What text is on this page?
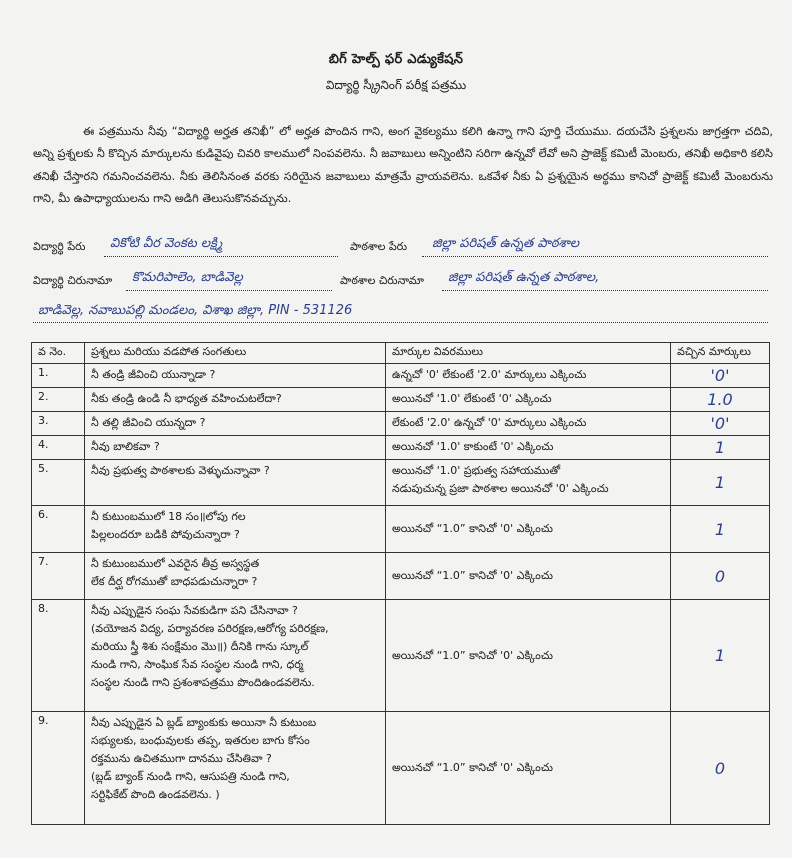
బిగ్ హెల్ప్ ఫర్ ఎడ్యుకేషన్
విద్యార్థి స్క్రీనింగ్ పరీక్ష పత్రము
ఈ పత్రమును నీవు “విద్యార్థి అర్హత తనిఖీ” లో అర్హత పొందిన గాని, అంగ వైకల్యము కలిగి ఉన్నా గాని పూర్తి చేయుము. దయచేసి ప్రశ్నలను జాగ్రత్తగా చదివి, అన్ని ప్రశ్నలకు నీ కొచ్చిన మార్కులను కుడివైపు చివరి కాలములో నింపవలెను. నీ జవాబులు అన్నింటిని సరిగా ఉన్నవో లేవో అని ప్రాజెక్ట్ కమిటీ మెంబరు, తనిఖీ అధికారి కలిసి తనిఖీ చేస్తారని గమనించవలెను. నీకు తెలిసినంత వరకు సరియైన జవాబులు మాత్రమే వ్రాయవలెను. ఒకవేళ నీకు ఏ ప్రశ్నయైన అర్థము కానిచో ప్రాజెక్ట్ కమిటీ మెంబరును గాని, మీ ఉపాధ్యాయులను గాని అడిగి తెలుసుకొనవచ్చును.
విద్యార్థి పేరు వికోటి వీర వెంకట లక్ష్మి	పాఠశాల పేరు జిల్లా పరిషత్ ఉన్నత పాఠశాల
విద్యార్థి చిరునామా కొమరిపాలెం, బాడివెల్ల	పాఠశాల చిరునామా జిల్లా పరిషత్ ఉన్నత పాఠశాల,
బాడివెల్ల, నవాబుపల్లి మండలం, విశాఖ జిల్లా, PIN - 531126
వ నెం.	ప్రశ్నలు మరియు వడపోత సంగతులు	మార్కుల వివరములు	వచ్చిన మార్కులు
1.	నీ తండ్రి జీవించి యున్నాడా ?	ఉన్నచో '0' లేకుంటే '2.0' మార్కులు ఎక్కించు	'0'
2.	నీకు తండ్రి ఉండి నీ భాధ్యత వహించుటలేదా?	అయినచో '1.0' లేకుంటే '0' ఎక్కించు	1.0
3.	నీ తల్లి జీవించి యున్నదా ?	లేకుంటే '2.0' ఉన్నచో '0' మార్కులు ఎక్కించు	'0'
4.	నీవు బాలికవా ?	అయినచో '1.0' కాకుంటే '0' ఎక్కించు	1
5.	నీవు ప్రభుత్వ పాఠశాలకు వెళ్ళుచున్నావా ?	అయినచో '1.0' ప్రభుత్వ సహాయముతో
నడుపుచున్న ప్రజా పాఠశాల అయినచో '0' ఎక్కించు	1
6.	నీ కుటుంబములో 18 సం॥లోపు గల
పిల్లలందరూ బడికి పోవుచున్నారా ?	అయినచో “1.0” కానిచో '0' ఎక్కించు	1
7.	నీ కుటుంబములో ఎవరైన తీవ్ర అస్వస్థత
లేక దీర్ఘ రోగముతో బాధపడుచున్నారా ?	అయినచో “1.0” కానిచో '0' ఎక్కించు	0
8.	నీవు ఎప్పుడైన సంఘ సేవకుడిగా పని చేసినావా ?
(వయోజన విద్య, పర్యావరణ పరిరక్షణ,ఆరోగ్య పరిరక్షణ,
మరియు స్త్రీ శిశు సంక్షేమం మొ॥) దీనికి గాను స్కూల్
నుండి గాని, సాంఘిక సేవ సంస్థల నుండి గాని, ధర్మ
సంస్థల నుండి గాని ప్రశంశాపత్రము పొందిఉండవలెను.	అయినచో “1.0” కానిచో '0' ఎక్కించు	1
9.	నీవు ఎప్పుడైన ఏ బ్లడ్ బ్యాంకుకు అయినా నీ కుటుంబ
సభ్యులకు, బంధువులకు తప్ప, ఇతరుల బాగు కోసం
రక్తమును ఉచితముగా దానము చేసితివా ?
(బ్లడ్ బ్యాంక్ నుండి గాని, ఆసుపత్రి నుండి గాని,
సర్టిఫికేట్ పొంది ఉండవలెను. )	అయినచో “1.0” కానిచో '0' ఎక్కించు	0
